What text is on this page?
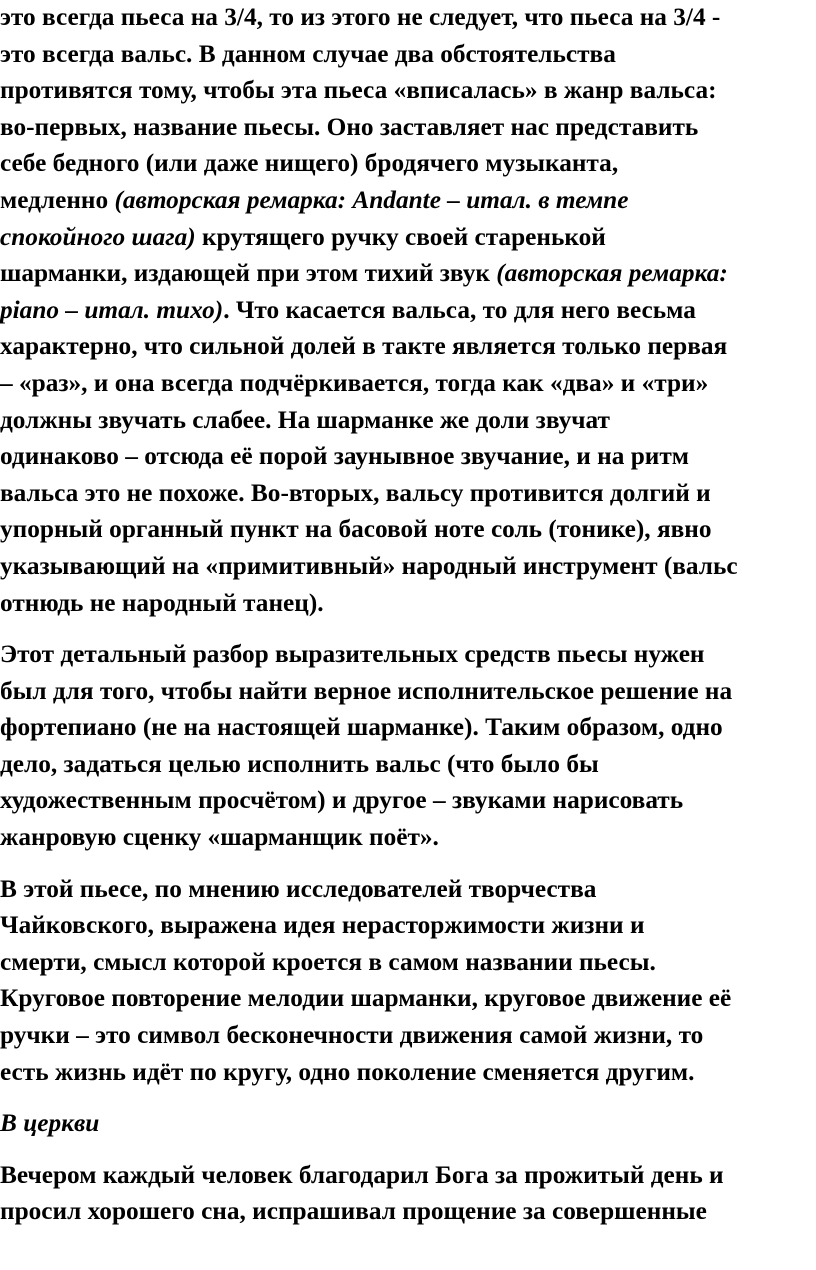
это всегда пьеса на 3/4, то из этого не следует, что пьеса на 3/4 -
это всегда вальс. В данном случае два обстоятельства
противятся тому, чтобы эта пьеса «вписалась» в жанр вальса:
во-первых, название пьесы. Оно заставляет нас представить
себе бедного (или даже нищего) бродячего музыканта,
медленно (авторская ремарка: Andante – итал. в темпе
спокойного шага) крутящего ручку своей старенькой
шарманки, издающей при этом тихий звук (авторская ремарка:
piano – итал. тихо). Что касается вальса, то для него весьма
характерно, что сильной долей в такте является только первая
– «раз», и она всегда подчёркивается, тогда как «два» и «три»
должны звучать слабее. На шарманке же доли звучат
одинаково – отсюда её порой заунывное звучание, и на ритм
вальса это не похоже. Во-вторых, вальсу противится долгий и
упорный органный пункт на басовой ноте соль (тонике), явно
указывающий на «примитивный» народный инструмент (вальс
отнюдь не народный танец).
Этот детальный разбор выразительных средств пьесы нужен
был для того, чтобы найти верное исполнительское решение на
фортепиано (не на настоящей шарманке). Таким образом, одно
дело, задаться целью исполнить вальс (что было бы
художественным просчётом) и другое – звуками нарисовать
жанровую сценку «шарманщик поёт».
В этой пьесе, по мнению исследователей творчества
Чайковского, выражена идея нерасторжимости жизни и
смерти, смысл которой кроется в самом названии пьесы.
Круговое повторение мелодии шарманки, круговое движение её
ручки – это символ бесконечности движения самой жизни, то
есть жизнь идёт по кругу, одно поколение сменяется другим.
В церкви
Вечером каждый человек благодарил Бога за прожитый день и
просил хорошего сна, испрашивал прощение за совершенные
